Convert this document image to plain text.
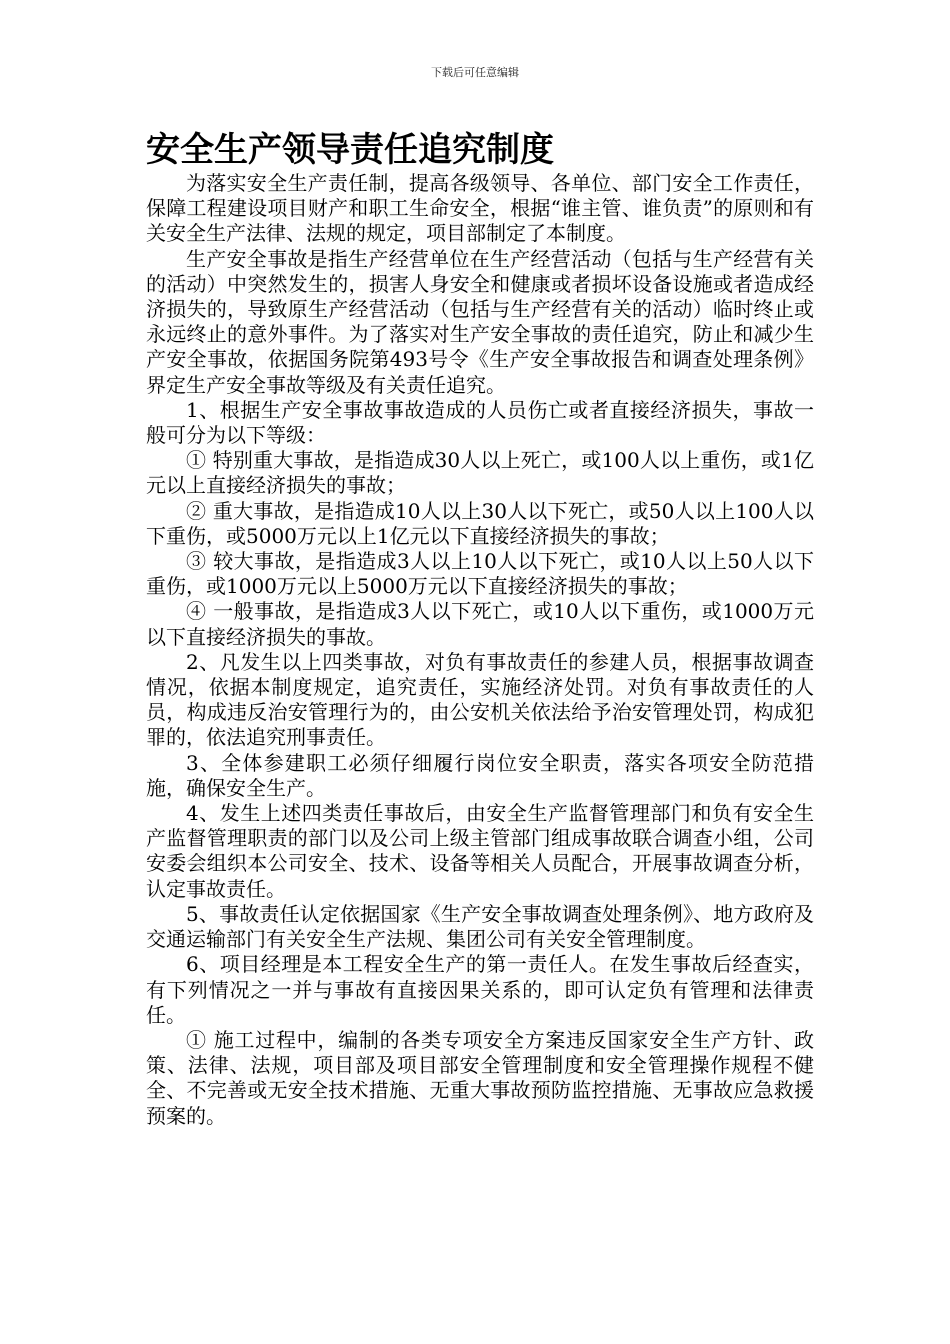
下载后可任意编辑
安全生产领导责任追究制度

为落实安全生产责任制，提高各级领导、各单位、部门安全工作责任，保障工程建设项目财产和职工生命安全，根据“谁主管、谁负责”的原则和有关安全生产法律、法规的规定，项目部制定了本制度。

生产安全事故是指生产经营单位在生产经营活动（包括与生产经营有关的活动）中突然发生的，损害人身安全和健康或者损坏设备设施或者造成经济损失的，导致原生产经营活动（包括与生产经营有关的活动）临时终止或永远终止的意外事件。为了落实对生产安全事故的责任追究，防止和减少生产安全事故，依据国务院第493号令《生产安全事故报告和调查处理条例》界定生产安全事故等级及有关责任追究。

1、根据生产安全事故事故造成的人员伤亡或者直接经济损失，事故一般可分为以下等级：

① 特别重大事故，是指造成30人以上死亡，或100人以上重伤，或1亿元以上直接经济损失的事故；

② 重大事故，是指造成10人以上30人以下死亡，或50人以上100人以下重伤，或5000万元以上1亿元以下直接经济损失的事故；

③ 较大事故，是指造成3人以上10人以下死亡，或10人以上50人以下重伤，或1000万元以上5000万元以下直接经济损失的事故；

④ 一般事故，是指造成3人以下死亡，或10人以下重伤，或1000万元以下直接经济损失的事故。

2、凡发生以上四类事故，对负有事故责任的参建人员，根据事故调查情况，依据本制度规定，追究责任，实施经济处罚。对负有事故责任的人员，构成违反治安管理行为的，由公安机关依法给予治安管理处罚，构成犯罪的，依法追究刑事责任。

3、全体参建职工必须仔细履行岗位安全职责，落实各项安全防范措施，确保安全生产。

4、发生上述四类责任事故后，由安全生产监督管理部门和负有安全生产监督管理职责的部门以及公司上级主管部门组成事故联合调查小组，公司安委会组织本公司安全、技术、设备等相关人员配合，开展事故调查分析，认定事故责任。

5、事故责任认定依据国家《生产安全事故调查处理条例》、地方政府及交通运输部门有关安全生产法规、集团公司有关安全管理制度。

6、项目经理是本工程安全生产的第一责任人。在发生事故后经查实，有下列情况之一并与事故有直接因果关系的，即可认定负有管理和法律责任。

① 施工过程中，编制的各类专项安全方案违反国家安全生产方针、政策、法律、法规，项目部及项目部安全管理制度和安全管理操作规程不健全、不完善或无安全技术措施、无重大事故预防监控措施、无事故应急救援预案的。
